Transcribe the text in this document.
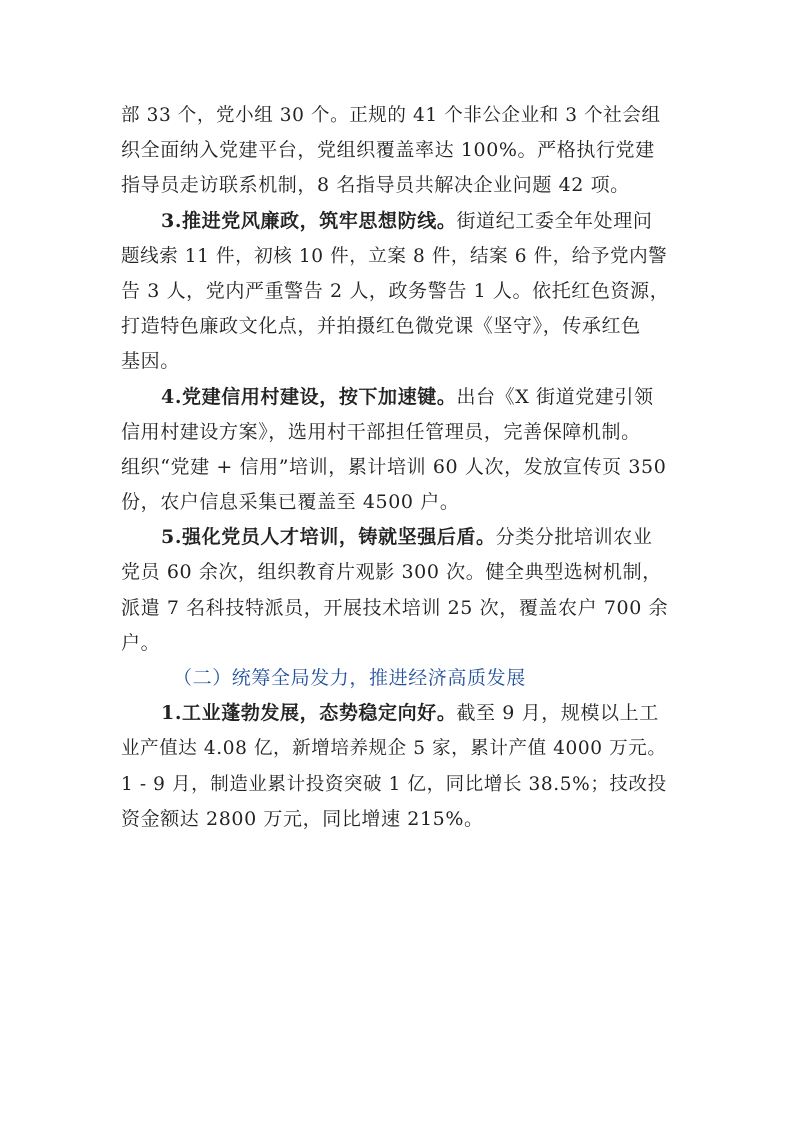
部 33 个，党小组 30 个。正规的 41 个非公企业和 3 个社会组
织全面纳入党建平台，党组织覆盖率达 100%。严格执行党建
指导员走访联系机制，8 名指导员共解决企业问题 42 项。
3.推进党风廉政，筑牢思想防线。街道纪工委全年处理问
题线索 11 件，初核 10 件，立案 8 件，结案 6 件，给予党内警
告 3 人，党内严重警告 2 人，政务警告 1 人。依托红色资源，
打造特色廉政文化点，并拍摄红色微党课《坚守》，传承红色
基因。
4.党建信用村建设，按下加速键。出台《X 街道党建引领
信用村建设方案》，选用村干部担任管理员，完善保障机制。
组织“党建 + 信用”培训，累计培训 60 人次，发放宣传页 350
份，农户信息采集已覆盖至 4500 户。
5.强化党员人才培训，铸就坚强后盾。分类分批培训农业
党员 60 余次，组织教育片观影 300 次。健全典型选树机制，
派遣 7 名科技特派员，开展技术培训 25 次，覆盖农户 700 余
户。
（二）统筹全局发力，推进经济高质发展
1.工业蓬勃发展，态势稳定向好。截至 9 月，规模以上工
业产值达 4.08 亿，新增培养规企 5 家，累计产值 4000 万元。
1 - 9 月，制造业累计投资突破 1 亿，同比增长 38.5%；技改投
资金额达 2800 万元，同比增速 215%。
